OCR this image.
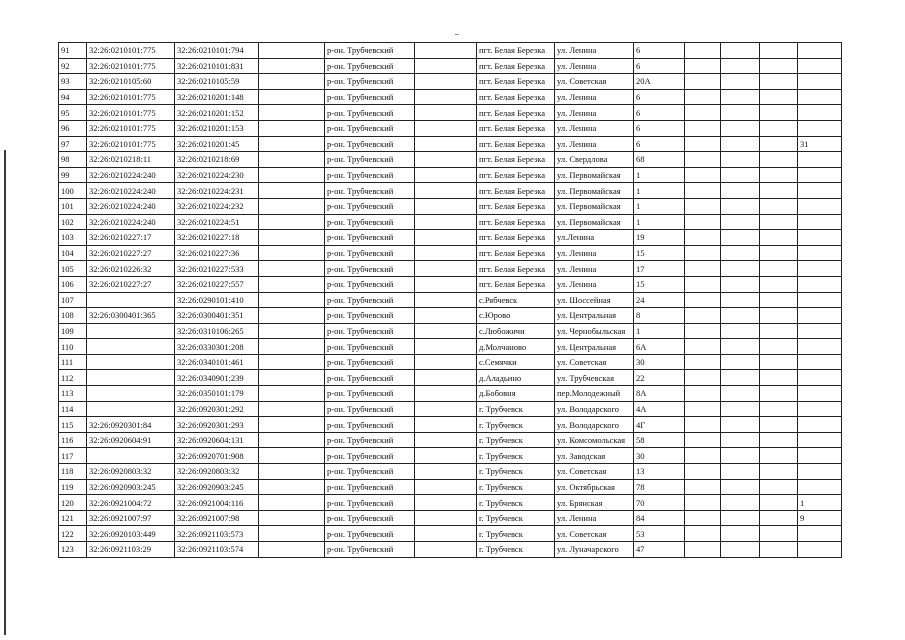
91	32:26:0210101:775	32:26:0210101:794		р-он. Трубчевский		пгт. Белая Березка	ул. Ленина	6				
92	32:26:0210101:775	32:26:0210101:831		р-он. Трубчевский		пгт. Белая Березка	ул. Ленина	6				
93	32:26:0210105:60	32:26:0210105:59		р-он. Трубчевский		пгт. Белая Березка	ул. Советская	20А				
94	32:26:0210101:775	32:26:0210201:148		р-он. Трубчевский		пгт. Белая Березка	ул. Ленина	6				
95	32:26:0210101:775	32:26:0210201:152		р-он. Трубчевский		пгт. Белая Березка	ул. Ленина	6				
96	32:26:0210101:775	32:26:0210201:153		р-он. Трубчевский		пгт. Белая Березка	ул. Ленина	6				
97	32:26:0210101:775	32:26:0210201:45		р-он. Трубчевский		пгт. Белая Березка	ул. Ленина	6				31
98	32:26:0210218:11	32:26:0210218:69		р-он. Трубчевский		пгт. Белая Березка	ул. Свердлова	68				
99	32:26:0210224:240	32:26:0210224:230		р-он. Трубчевский		пгт. Белая Березка	ул. Первомайская	1				
100	32:26:0210224:240	32:26:0210224:231		р-он. Трубчевский		пгт. Белая Березка	ул. Первомайская	1				
101	32:26:0210224:240	32:26:0210224:232		р-он. Трубчевский		пгт. Белая Березка	ул. Первомайская	1				
102	32:26:0210224:240	32:26:0210224:51		р-он. Трубчевский		пгт. Белая Березка	ул. Первомайская	1				
103	32:26:0210227:17	32:26:0210227:18		р-он. Трубчевский		пгт. Белая Березка	ул.Ленина	19				
104	32:26:0210227:27	32:26:0210227:36		р-он. Трубчевский		пгт. Белая Березка	ул. Ленина	15				
105	32:26:0210226:32	32:26:0210227:533		р-он. Трубчевский		пгт. Белая Березка	ул. Ленина	17				
106	32:26:0210227:27	32:26:0210227:557		р-он. Трубчевский		пгт. Белая Березка	ул. Ленина	15				
107		32:26:0290101:410		р-он. Трубчевский		с.Рябчевск	ул. Шоссейная	24				
108	32:26:0300401:365	32:26:0300401:351		р-он. Трубчевский		с.Юрово	ул. Центральная	8				
109		32:26:0310106:265		р-он. Трубчевский		с.Любожичи	ул. Чернобыльская	1				
110		32:26:0330301:208		р-он. Трубчевский		д.Молчаново	ул. Центральная	6А				
111		32:26:0340101:461		р-он. Трубчевский		с.Семячки	ул. Советская	30				
112		32:26:0340901:239		р-он. Трубчевский		д.Аладьино	ул. Трубчевская	22				
113		32:26:0350101:179		р-он. Трубчевский		д.Бобовня	пер.Молодежный	8А				
114		32:26:0920301:292		р-он. Трубчевский		г. Трубчевск	ул. Володарского	4А				
115	32:26:0920301:84	32:26:0920301:293		р-он. Трубчевский		г. Трубчевск	ул. Володарского	4Г				
116	32:26:0920604:91	32:26:0920604:131		р-он. Трубчевский		г. Трубчевск	ул. Комсомольская	58				
117		32:26:0920701:908		р-он. Трубчевский		г. Трубчевск	ул. Заводская	30				
118	32:26:0920803:32	32:26:0920803:32		р-он. Трубчевский		г. Трубчевск	ул. Советская	13				
119	32:26:0920903:245	32:26:0920903:245		р-он. Трубчевский		г. Трубчевск	ул. Октябрьская	78				
120	32:26:0921004:72	32:26:0921004:116		р-он. Трубчевский		г. Трубчевск	ул. Брянская	70				1
121	32:26:0921007:97	32:26:0921007:98		р-он. Трубчевский		г. Трубчевск	ул. Ленина	84				9
122	32:26:0920103:449	32:26:0921103:573		р-он. Трубчевский		г. Трубчевск	ул. Советская	53				
123	32:26:0921103:29	32:26:0921103:574		р-он. Трубчевский		г. Трубчевск	ул. Луначарского	47				
